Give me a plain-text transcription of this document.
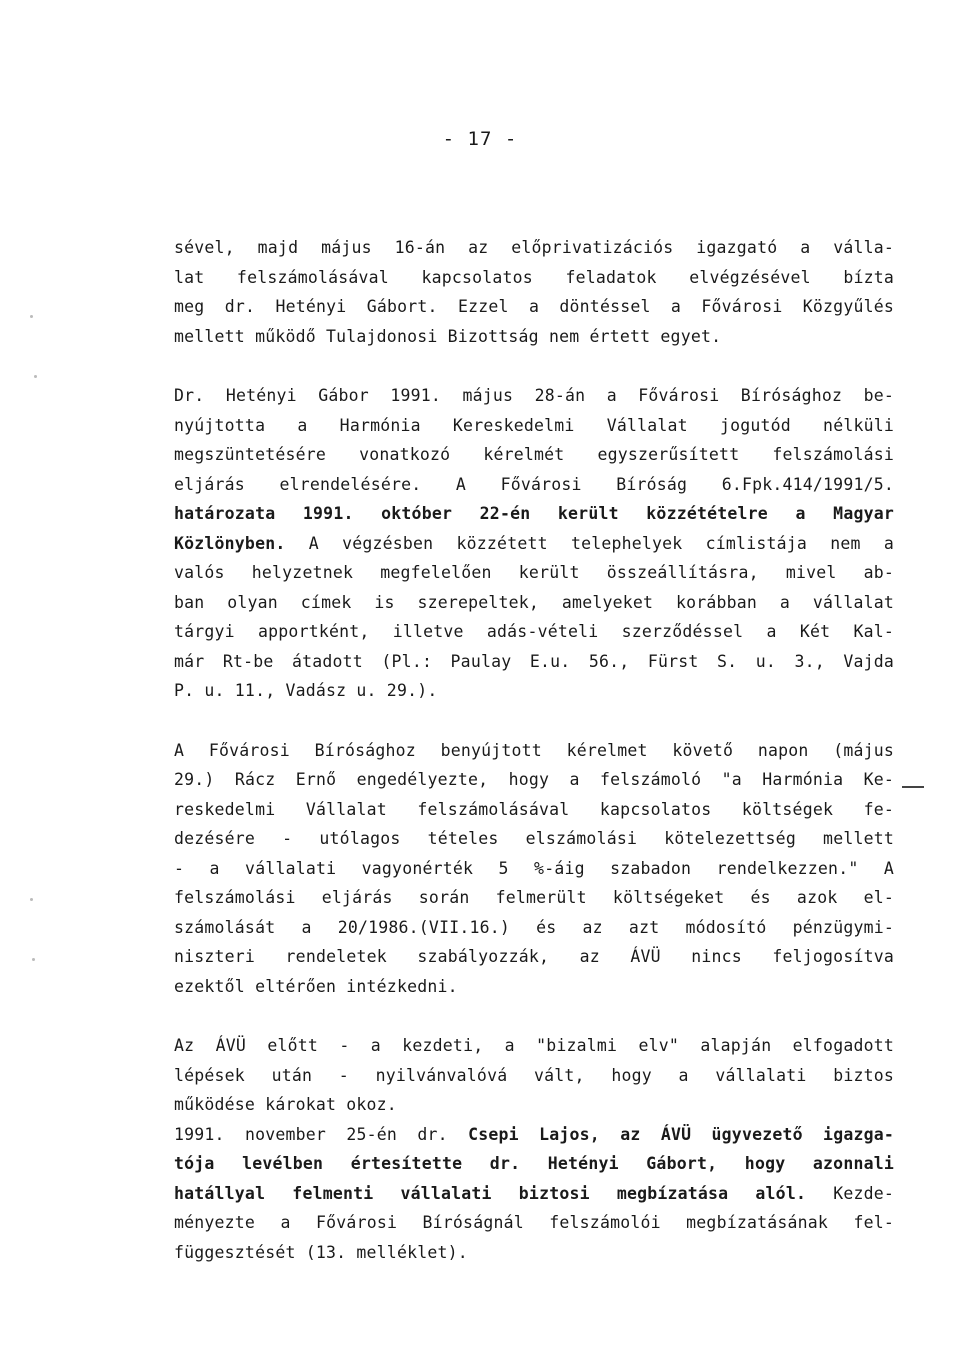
- 17 -

sével, majd május 16-án az előprivatizációs igazgató a válla-
lat felszámolásával kapcsolatos feladatok elvégzésével bízta
meg dr. Hetényi Gábort. Ezzel a döntéssel a Fővárosi Közgyűlés
mellett működő Tulajdonosi Bizottság nem értett egyet.

Dr. Hetényi Gábor 1991. május 28-án a Fővárosi Bírósághoz be-
nyújtotta a Harmónia Kereskedelmi Vállalat jogutód nélküli
megszüntetésére vonatkozó kérelmét egyszerűsített felszámolási
eljárás elrendelésére. A Fővárosi Bíróság 6.Fpk.414/1991/5.
határozata 1991. október 22-én került közzétételre a Magyar
Közlönyben. A végzésben közzétett telephelyek címlistája nem a
valós helyzetnek megfelelően került összeállításra, mivel ab-
ban olyan címek is szerepeltek, amelyeket korábban a vállalat
tárgyi apportként, illetve adás-vételi szerződéssel a Két Kal-
már Rt-be átadott (Pl.: Paulay E.u. 56., Fürst S. u. 3., Vajda
P. u. 11., Vadász u. 29.).

A Fővárosi Bírósághoz benyújtott kérelmet követő napon (május
29.) Rácz Ernő engedélyezte, hogy a felszámoló "a Harmónia Ke-
reskedelmi Vállalat felszámolásával kapcsolatos költségek fe-
dezésére - utólagos tételes elszámolási kötelezettség mellett
- a vállalati vagyonérték 5 %-áig szabadon rendelkezzen." A
felszámolási eljárás során felmerült költségeket és azok el-
számolását a 20/1986.(VII.16.) és az azt módosító pénzügymi-
niszteri rendeletek szabályozzák, az ÁVÜ nincs feljogosítva
ezektől eltérően intézkedni.

Az ÁVÜ előtt - a kezdeti, a "bizalmi elv" alapján elfogadott
lépések után - nyilvánvalóvá vált, hogy a vállalati biztos
működése károkat okoz.

1991. november 25-én dr. Csepi Lajos, az ÁVÜ ügyvezető igazga-
tója levélben értesítette dr. Hetényi Gábort, hogy azonnali
hatállyal felmenti vállalati biztosi megbízatása alól. Kezde-
ményezte a Fővárosi Bíróságnál felszámolói megbízatásának fel-
függesztését (13. melléklet).
